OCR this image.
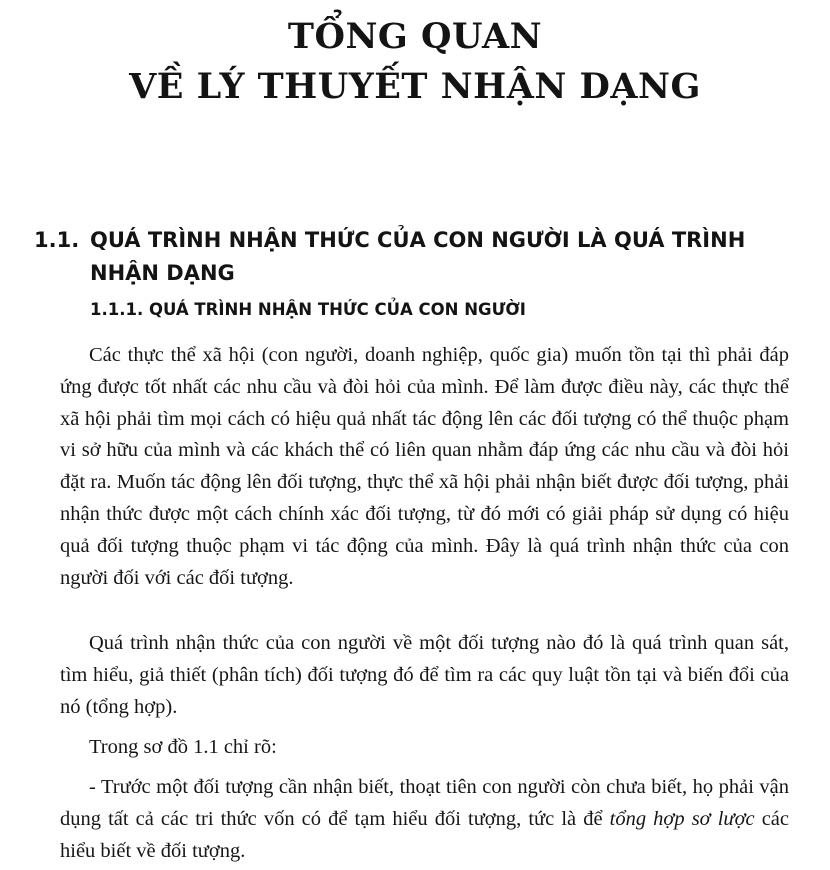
TỔNG QUAN
VỀ LÝ THUYẾT NHẬN DẠNG
1.1. QUÁ TRÌNH NHẬN THỨC CỦA CON NGƯỜI LÀ QUÁ TRÌNH
NHẬN DẠNG
1.1.1. QUÁ TRÌNH NHẬN THỨC CỦA CON NGƯỜI
Các thực thể xã hội (con người, doanh nghiệp, quốc gia) muốn tồn tại thì phải đáp ứng được tốt nhất các nhu cầu và đòi hỏi của mình. Để làm được điều này, các thực thể xã hội phải tìm mọi cách có hiệu quả nhất tác động lên các đối tượng có thể thuộc phạm vi sở hữu của mình và các khách thể có liên quan nhằm đáp ứng các nhu cầu và đòi hỏi đặt ra. Muốn tác động lên đối tượng, thực thể xã hội phải nhận biết được đối tượng, phải nhận thức được một cách chính xác đối tượng, từ đó mới có giải pháp sử dụng có hiệu quả đối tượng thuộc phạm vi tác động của mình. Đây là quá trình nhận thức của con người đối với các đối tượng.
Quá trình nhận thức của con người về một đối tượng nào đó là quá trình quan sát, tìm hiểu, giả thiết (phân tích) đối tượng đó để tìm ra các quy luật tồn tại và biến đổi của nó (tổng hợp).
Trong sơ đồ 1.1 chỉ rõ:
- Trước một đối tượng cần nhận biết, thoạt tiên con người còn chưa biết, họ phải vận dụng tất cả các tri thức vốn có để tạm hiểu đối tượng, tức là để tổng hợp sơ lược các hiểu biết về đối tượng.
